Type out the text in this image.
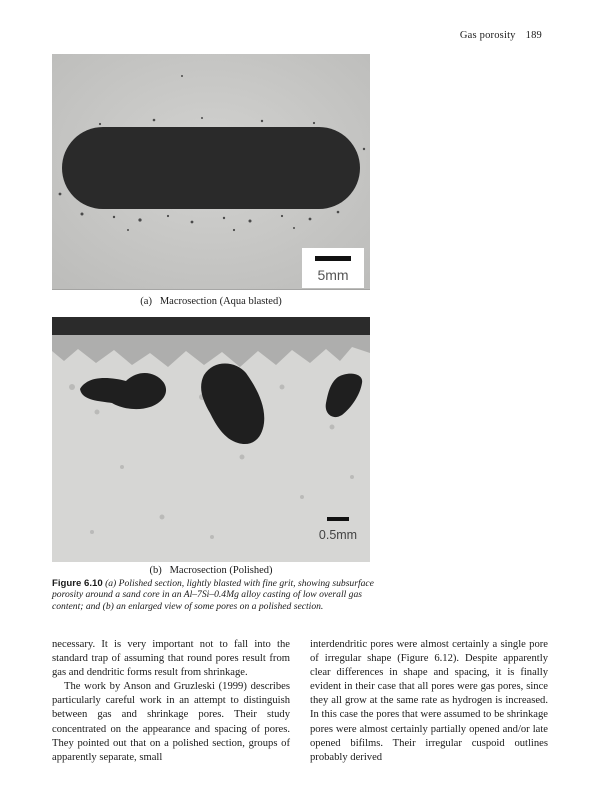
Gas porosity 189
5mm
(a)   Macrosection (Aqua blasted)
0.5mm
(b)   Macrosection (Polished)
Figure 6.10 (a) Polished section, lightly blasted with fine grit, showing subsurface porosity around a sand core in an Al–7Si–0.4Mg alloy casting of low overall gas content; and (b) an enlarged view of some pores on a polished section.

necessary. It is very important not to fall into the standard trap of assuming that round pores result from gas and dendritic forms result from shrinkage.

The work by Anson and Gruzleski (1999) describes particularly careful work in an attempt to distinguish between gas and shrinkage pores. Their study concentrated on the appearance and spacing of pores. They pointed out that on a polished section, groups of apparently separate, small

interdendritic pores were almost certainly a single pore of irregular shape (Figure 6.12). Despite apparently clear differences in shape and spacing, it is finally evident in their case that all pores were gas pores, since they all grow at the same rate as hydrogen is increased. In this case the pores that were assumed to be shrinkage pores were almost certainly partially opened and/or late opened bifilms. Their irregular cuspoid outlines probably derived
